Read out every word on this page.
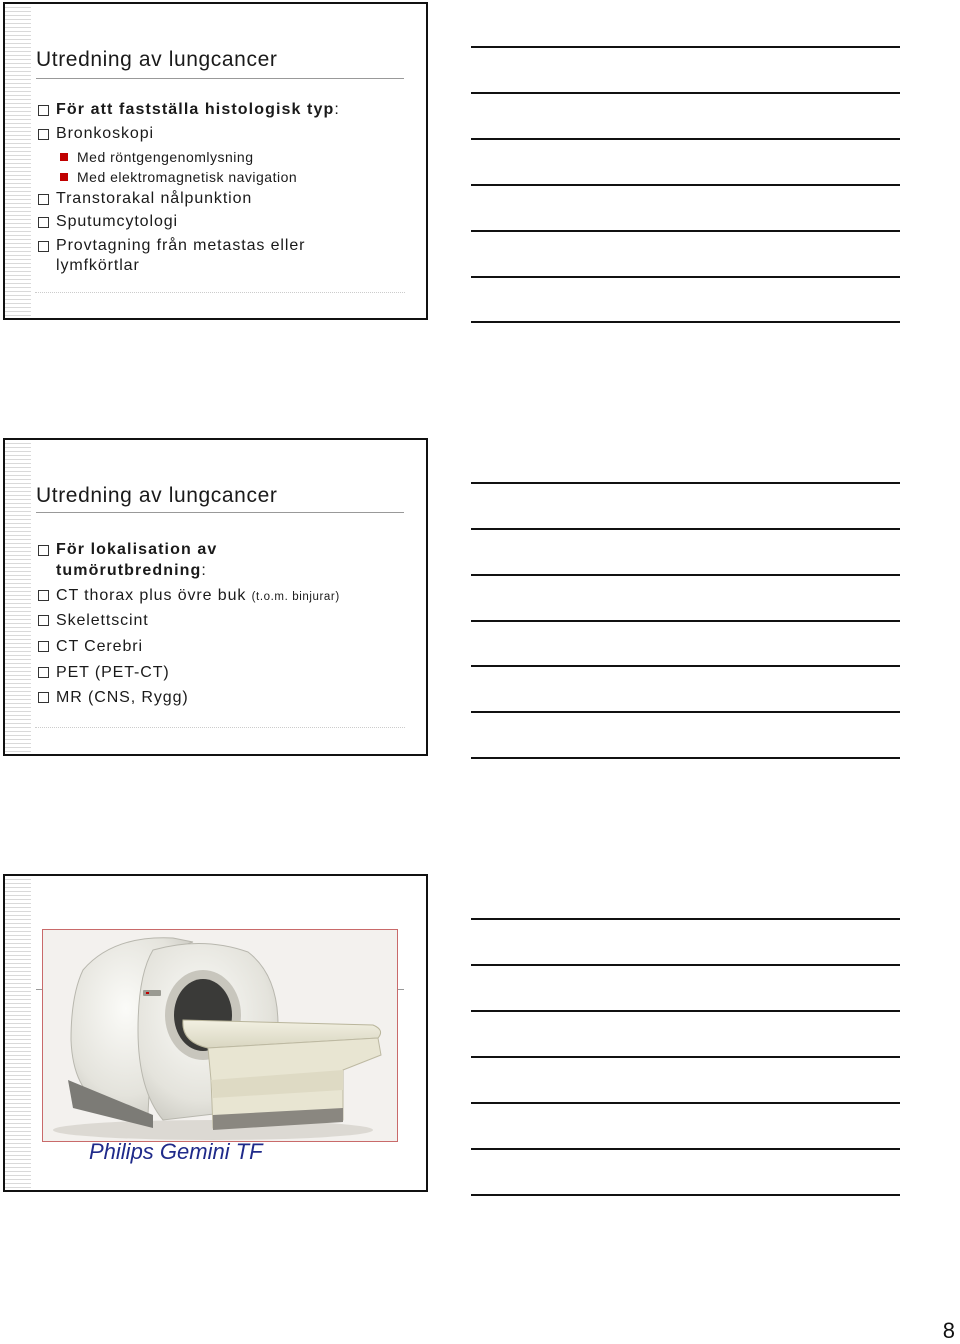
Utredning av lungcancer
För att fastställa histologisk typ:
Bronkoskopi
Med röntgengenomlysning
Med elektromagnetisk navigation
Transtorakal nålpunktion
Sputumcytologi
Provtagning från metastas eller
lymfkörtlar
Utredning av lungcancer
För lokalisation av
tumörutbredning:
CT thorax plus övre buk (t.o.m. binjurar)
Skelettscint
CT Cerebri
PET (PET-CT)
MR (CNS, Rygg)
Philips Gemini TF
8
